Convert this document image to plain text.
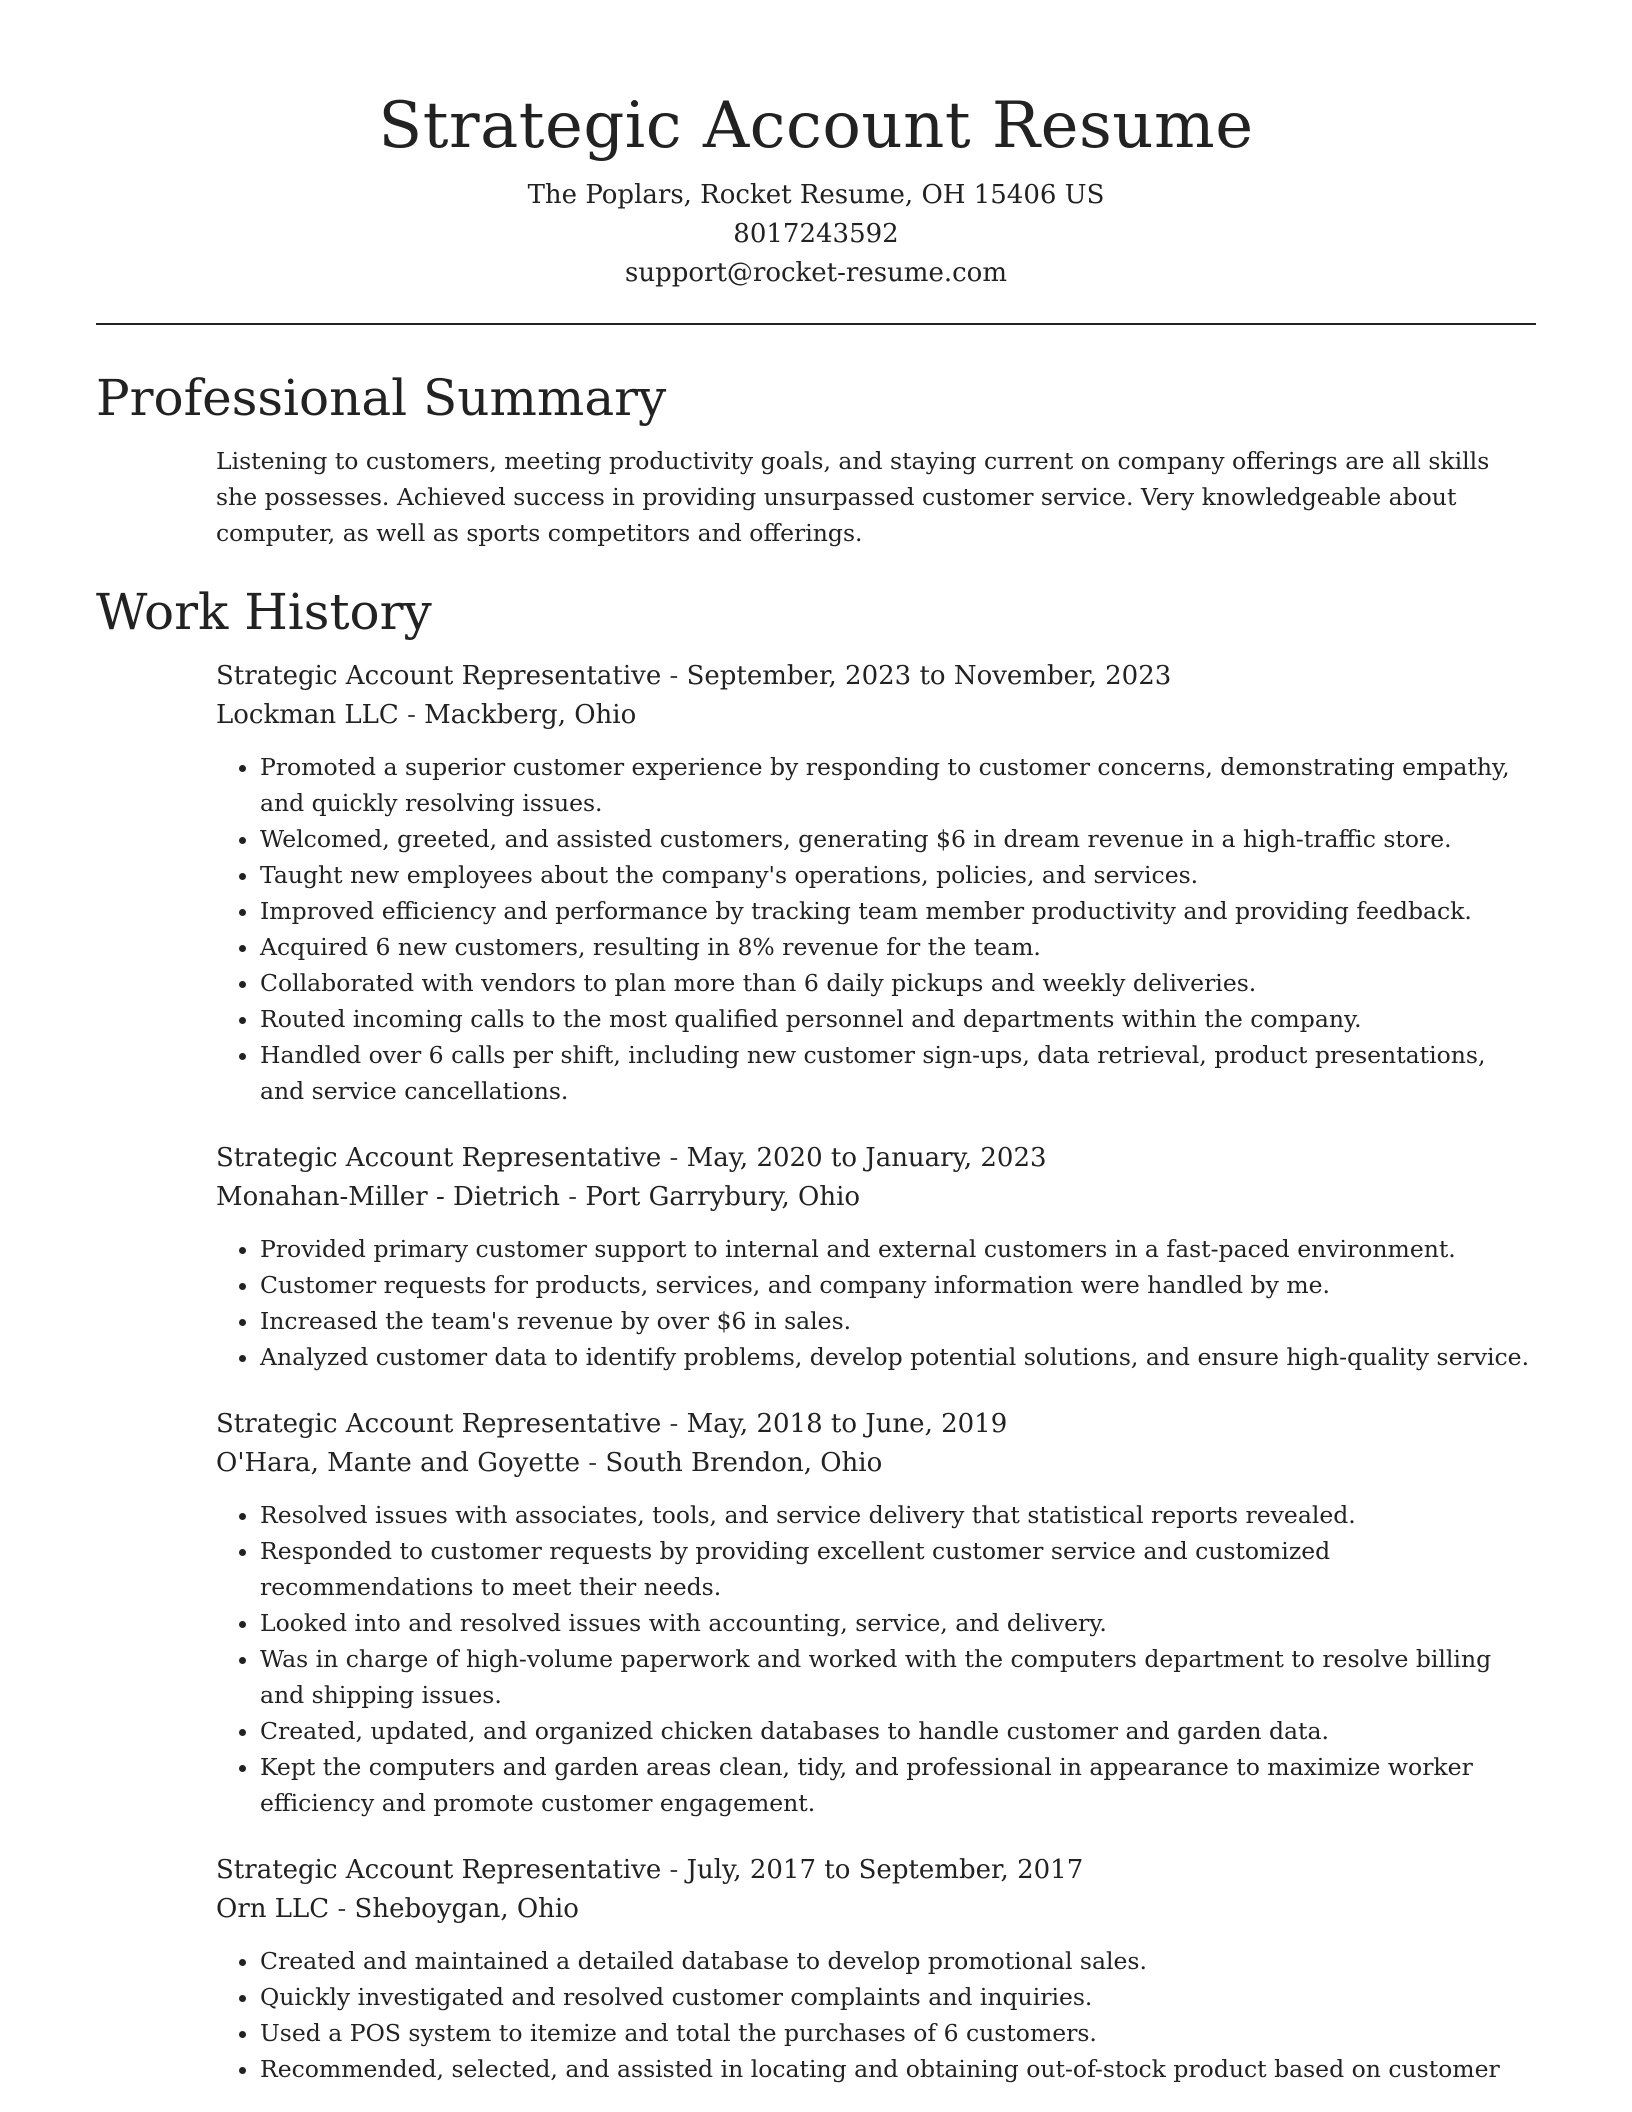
Strategic Account Resume
The Poplars, Rocket Resume, OH 15406 US
8017243592
support@rocket-resume.com
Professional Summary
Listening to customers, meeting productivity goals, and staying current on company offerings are all skills she possesses. Achieved success in providing unsurpassed customer service. Very knowledgeable about computer, as well as sports competitors and offerings.
Work History
Strategic Account Representative - September, 2023 to November, 2023
Lockman LLC - Mackberg, Ohio
• Promoted a superior customer experience by responding to customer concerns, demonstrating empathy, and quickly resolving issues.
• Welcomed, greeted, and assisted customers, generating $6 in dream revenue in a high-traffic store.
• Taught new employees about the company's operations, policies, and services.
• Improved efficiency and performance by tracking team member productivity and providing feedback.
• Acquired 6 new customers, resulting in 8% revenue for the team.
• Collaborated with vendors to plan more than 6 daily pickups and weekly deliveries.
• Routed incoming calls to the most qualified personnel and departments within the company.
• Handled over 6 calls per shift, including new customer sign-ups, data retrieval, product presentations, and service cancellations.
Strategic Account Representative - May, 2020 to January, 2023
Monahan-Miller - Dietrich - Port Garrybury, Ohio
• Provided primary customer support to internal and external customers in a fast-paced environment.
• Customer requests for products, services, and company information were handled by me.
• Increased the team's revenue by over $6 in sales.
• Analyzed customer data to identify problems, develop potential solutions, and ensure high-quality service.
Strategic Account Representative - May, 2018 to June, 2019
O'Hara, Mante and Goyette - South Brendon, Ohio
• Resolved issues with associates, tools, and service delivery that statistical reports revealed.
• Responded to customer requests by providing excellent customer service and customized recommendations to meet their needs.
• Looked into and resolved issues with accounting, service, and delivery.
• Was in charge of high-volume paperwork and worked with the computers department to resolve billing and shipping issues.
• Created, updated, and organized chicken databases to handle customer and garden data.
• Kept the computers and garden areas clean, tidy, and professional in appearance to maximize worker efficiency and promote customer engagement.
Strategic Account Representative - July, 2017 to September, 2017
Orn LLC - Sheboygan, Ohio
• Created and maintained a detailed database to develop promotional sales.
• Quickly investigated and resolved customer complaints and inquiries.
• Used a POS system to itemize and total the purchases of 6 customers.
• Recommended, selected, and assisted in locating and obtaining out-of-stock product based on customer
